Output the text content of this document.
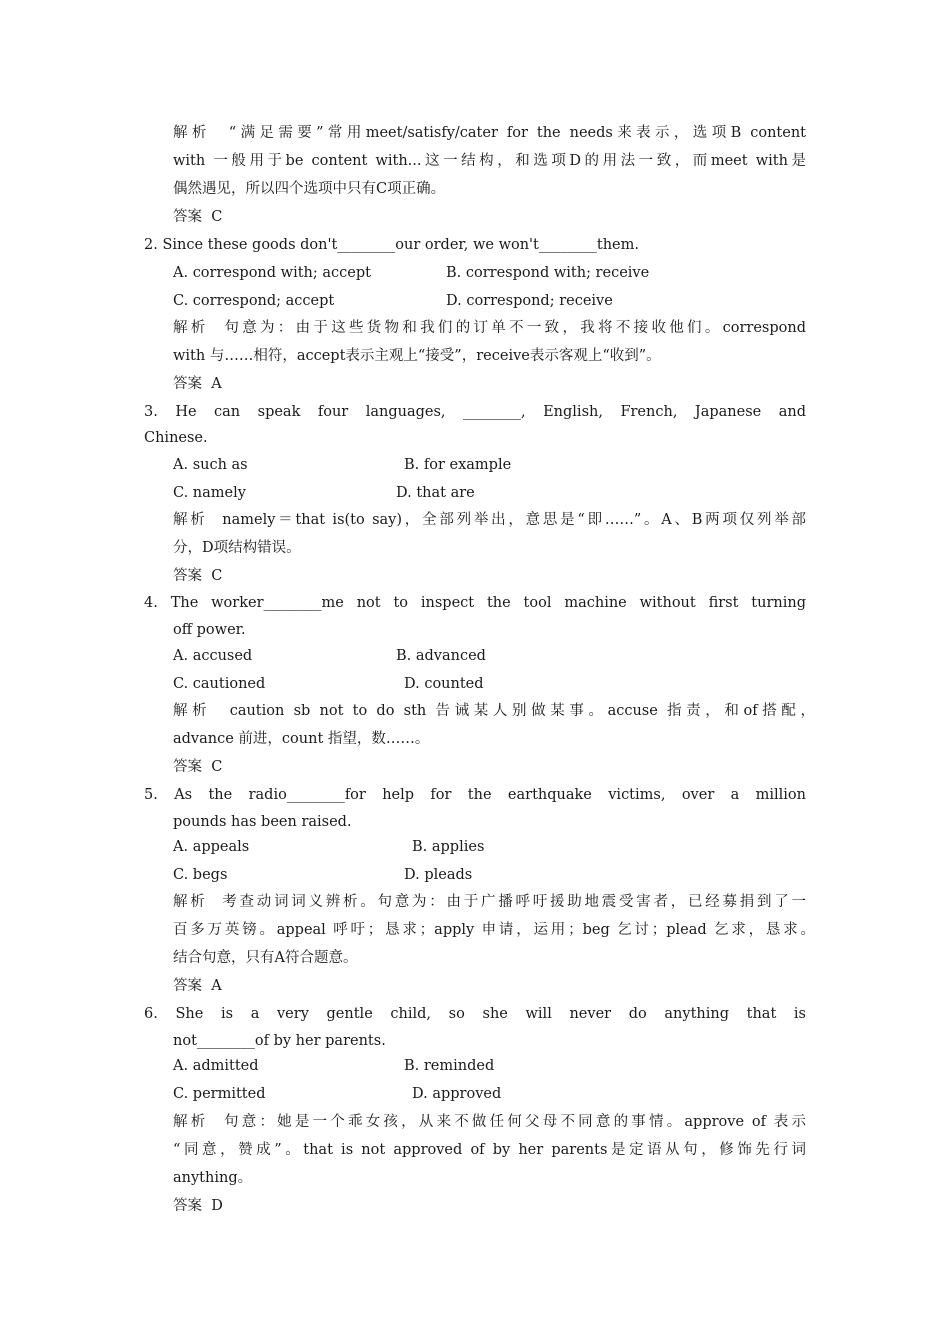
解析  “满足需要”常用meet/satisfy/cater for the needs来表示，选项B content
with 一般用于be content with...这一结构，和选项D的用法一致，而meet with是
偶然遇见，所以四个选项中只有C项正确。
答案  C
2. Since these goods don't________our order, we won't________them.
A. correspond with; accept	B. correspond with; receive
C. correspond; accept	D. correspond; receive
解析  句意为：由于这些货物和我们的订单不一致，我将不接收他们。correspond
with 与……相符，accept表示主观上“接受”，receive表示客观上“收到”。
答案  A
3. He can speak four languages, ________, English, French, Japanese and
Chinese.
A. such as	B. for example
C. namely	D. that are
解析  namely＝that is(to say)，全部列举出，意思是“即……”。A、B两项仅列举部
分，D项结构错误。
答案  C
4. The worker________me not to inspect the tool machine without first turning
off power.
A. accused	B. advanced
C. cautioned	D. counted
解析  caution sb not to do sth 告诫某人别做某事。accuse 指责，和of搭配，
advance 前进，count 指望，数……。
答案  C
5. As the radio________for help for the earthquake victims, over a million
pounds has been raised.
A. appeals	B. applies
C. begs	D. pleads
解析  考查动词词义辨析。句意为：由于广播呼吁援助地震受害者，已经募捐到了一
百多万英镑。appeal 呼吁；恳求；apply 申请，运用；beg 乞讨；plead 乞求，恳求。
结合句意，只有A符合题意。
答案  A
6. She is a very gentle child, so she will never do anything that is
not________of by her parents.
A. admitted	B. reminded
C. permitted	D. approved
解析  句意：她是一个乖女孩，从来不做任何父母不同意的事情。approve of 表示
“同意，赞成”。that is not approved of by her parents是定语从句，修饰先行词
anything。
答案  D
